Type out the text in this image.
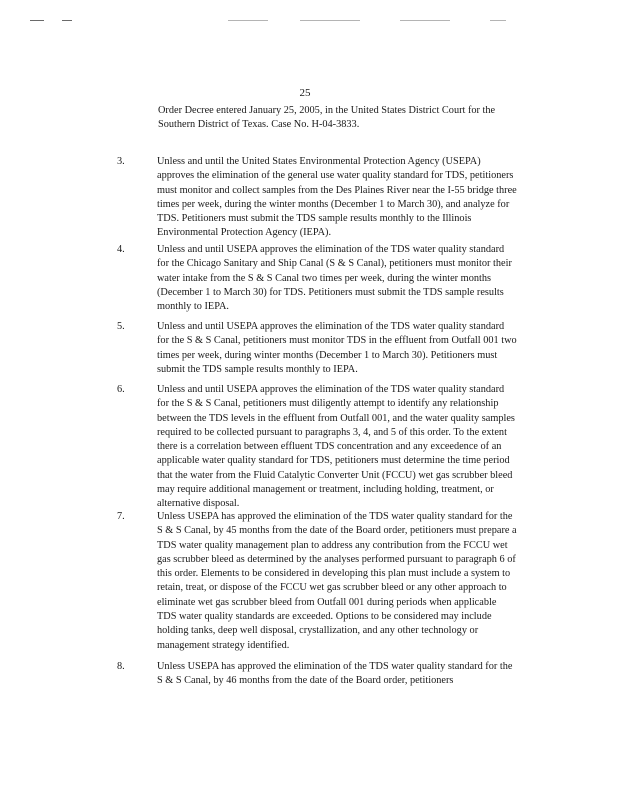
25

Order Decree entered January 25, 2005, in the United States District Court for the Southern District of Texas. Case No. H-04-3833.

3.	Unless and until the United States Environmental Protection Agency (USEPA) approves the elimination of the general use water quality standard for TDS, petitioners must monitor and collect samples from the Des Plaines River near the I-55 bridge three times per week, during the winter months (December 1 to March 30), and analyze for TDS. Petitioners must submit the TDS sample results monthly to the Illinois Environmental Protection Agency (IEPA).

4.	Unless and until USEPA approves the elimination of the TDS water quality standard for the Chicago Sanitary and Ship Canal (S & S Canal), petitioners must monitor their water intake from the S & S Canal two times per week, during the winter months (December 1 to March 30) for TDS. Petitioners must submit the TDS sample results monthly to IEPA.

5.	Unless and until USEPA approves the elimination of the TDS water quality standard for the S & S Canal, petitioners must monitor TDS in the effluent from Outfall 001 two times per week, during winter months (December 1 to March 30). Petitioners must submit the TDS sample results monthly to IEPA.

6.	Unless and until USEPA approves the elimination of the TDS water quality standard for the S & S Canal, petitioners must diligently attempt to identify any relationship between the TDS levels in the effluent from Outfall 001, and the water quality samples required to be collected pursuant to paragraphs 3, 4, and 5 of this order. To the extent there is a correlation between effluent TDS concentration and any exceedence of an applicable water quality standard for TDS, petitioners must determine the time period that the water from the Fluid Catalytic Converter Unit (FCCU) wet gas scrubber bleed may require additional management or treatment, including holding, treatment, or alternative disposal.

7.	Unless USEPA has approved the elimination of the TDS water quality standard for the S & S Canal, by 45 months from the date of the Board order, petitioners must prepare a TDS water quality management plan to address any contribution from the FCCU wet gas scrubber bleed as determined by the analyses performed pursuant to paragraph 6 of this order. Elements to be considered in developing this plan must include a system to retain, treat, or dispose of the FCCU wet gas scrubber bleed or any other approach to eliminate wet gas scrubber bleed from Outfall 001 during periods when applicable TDS water quality standards are exceeded. Options to be considered may include holding tanks, deep well disposal, crystallization, and any other technology or management strategy identified.

8.	Unless USEPA has approved the elimination of the TDS water quality standard for the S & S Canal, by 46 months from the date of the Board order, petitioners
